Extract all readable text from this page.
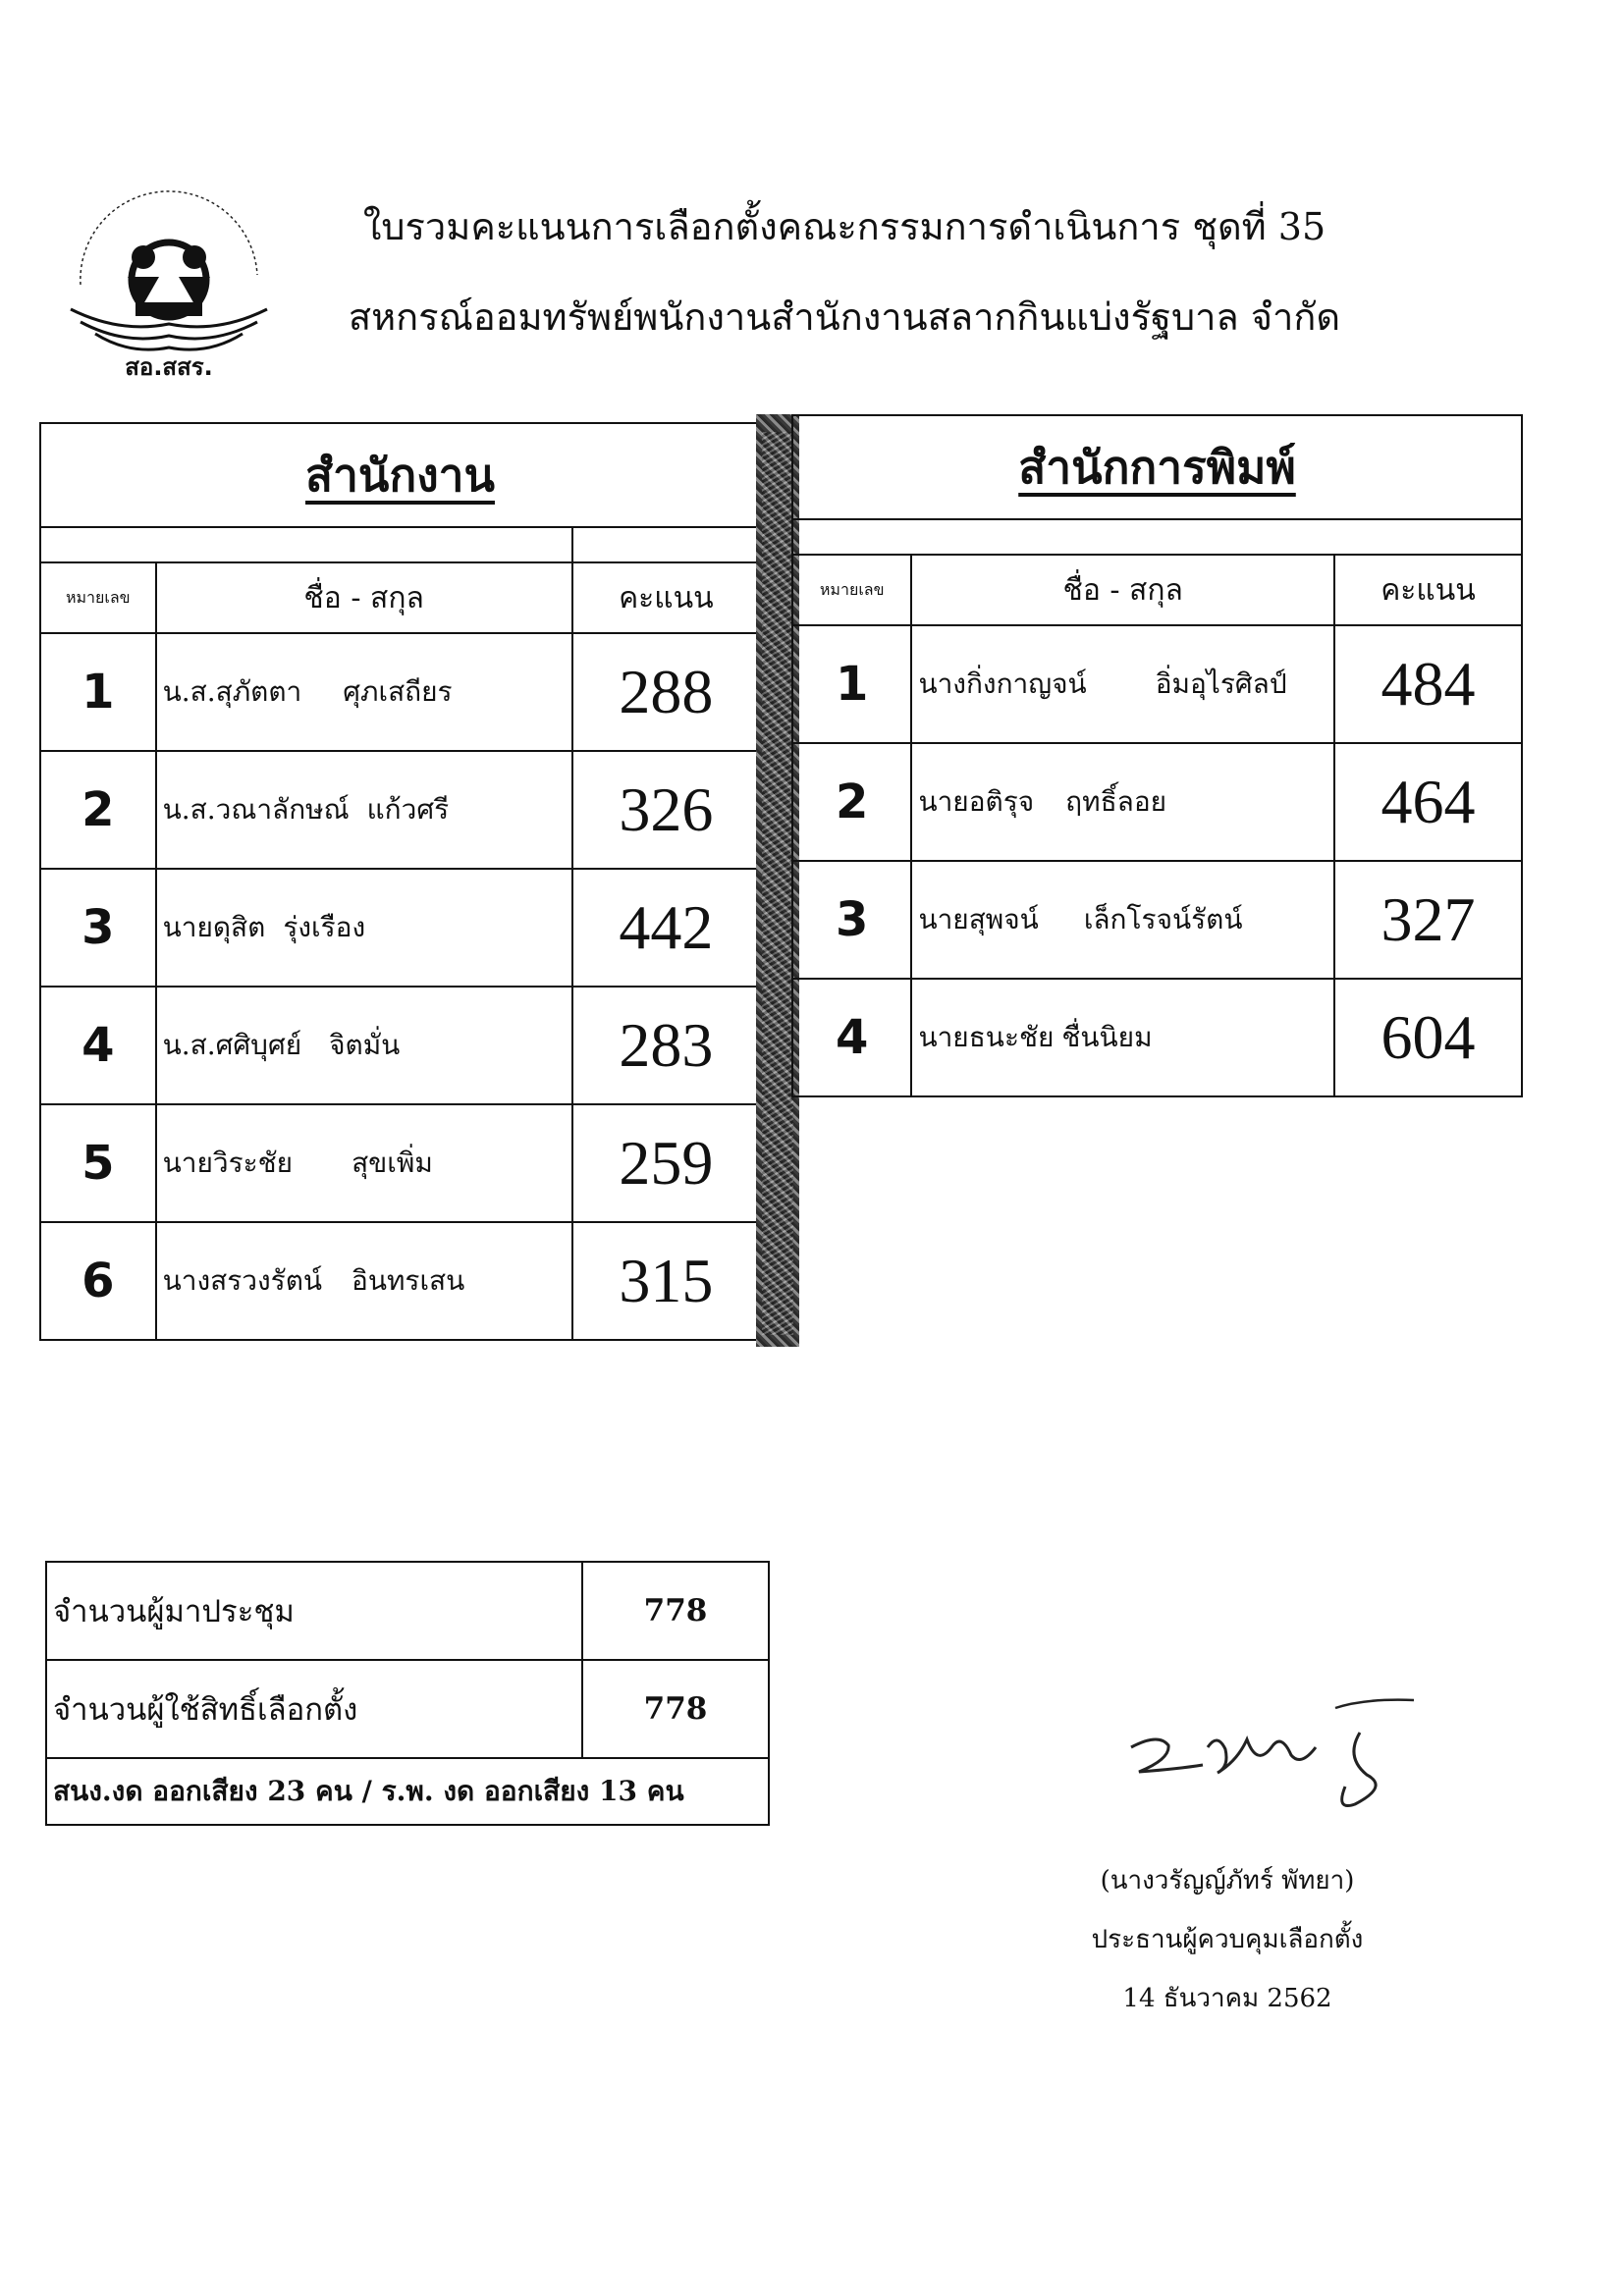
สอ.สสร.
ใบรวมคะแนนการเลือกตั้งคณะกรรมการดำเนินการ ชุดที่ 35
สหกรณ์ออมทรัพย์พนักงานสำนักงานสลากกินแบ่งรัฐบาล จำกัด
สำนักงาน		

หมายเลข	ชื่อ - สกุล	คะแนน
1	น.ส.สุภัตตา ศุภเสถียร	288
2	น.ส.วณาลักษณ์ แก้วศรี	326
3	นายดุสิต รุ่งเรือง	442
4	น.ส.ศศิบุศย์ จิตมั่น	283
5	นายวิระชัย สุขเพิ่ม	259
6	นางสรวงรัตน์ อินทรเสน	315
สำนักการพิมพ์		

หมายเลข	ชื่อ - สกุล	คะแนน
1	นางกิ่งกาญจน์ อิ่มอุไรศิลป์	484
2	นายอติรุจ ฤทธิ์ลอย	464
3	นายสุพจน์ เล็กโรจน์รัตน์	327
4	นายธนะชัย ชื่นนิยม	604
จำนวนผู้มาประชุม	778
จำนวนผู้ใช้สิทธิ์เลือกตั้ง	778
สนง.งด ออกเสียง 23 คน / ร.พ. งด ออกเสียง 13 คน	
(นางวรัญญ์ภัทร์ พัทยา)
ประธานผู้ควบคุมเลือกตั้ง
14 ธันวาคม 2562
